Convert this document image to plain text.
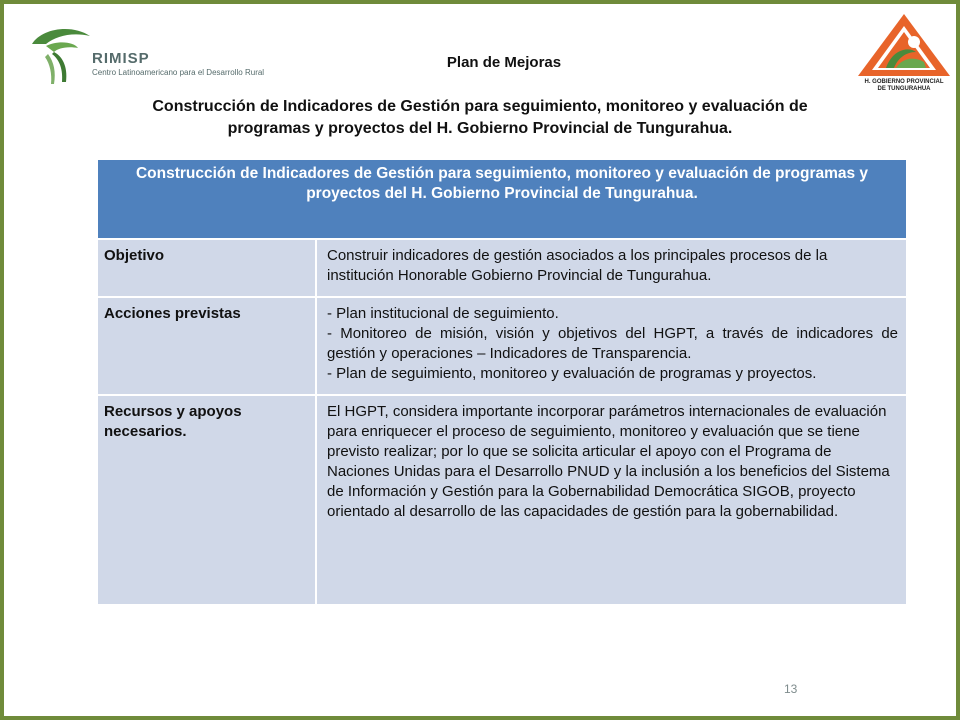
RIMISP
Centro Latinoamericano para el Desarrollo Rural
Plan de Mejoras
H. GOBIERNO PROVINCIAL
DE TUNGURAHUA
Construcción de Indicadores de Gestión para seguimiento, monitoreo y evaluación de
programas y proyectos del H. Gobierno Provincial de Tungurahua.
Construcción de Indicadores de Gestión para seguimiento, monitoreo y evaluación de programas y proyectos del H. Gobierno Provincial de Tungurahua.	
Objetivo	Construir indicadores de gestión asociados a los principales procesos de la institución Honorable Gobierno Provincial de Tungurahua.

Acciones previstas	- Plan institucional de seguimiento.
- Monitoreo de misión, visión y objetivos del HGPT, a través de indicadores de gestión y operaciones – Indicadores de Transparencia.
- Plan de seguimiento, monitoreo y evaluación de programas y proyectos.

Recursos y apoyos necesarios.	El HGPT, considera importante incorporar parámetros internacionales de evaluación para enriquecer el proceso de seguimiento, monitoreo y evaluación que se tiene previsto realizar; por lo que se solicita articular el apoyo con el Programa de Naciones Unidas para el Desarrollo PNUD y la inclusión a los beneficios del Sistema de Información y Gestión para la Gobernabilidad Democrática SIGOB, proyecto orientado al desarrollo de las capacidades de gestión para la gobernabilidad.
13
